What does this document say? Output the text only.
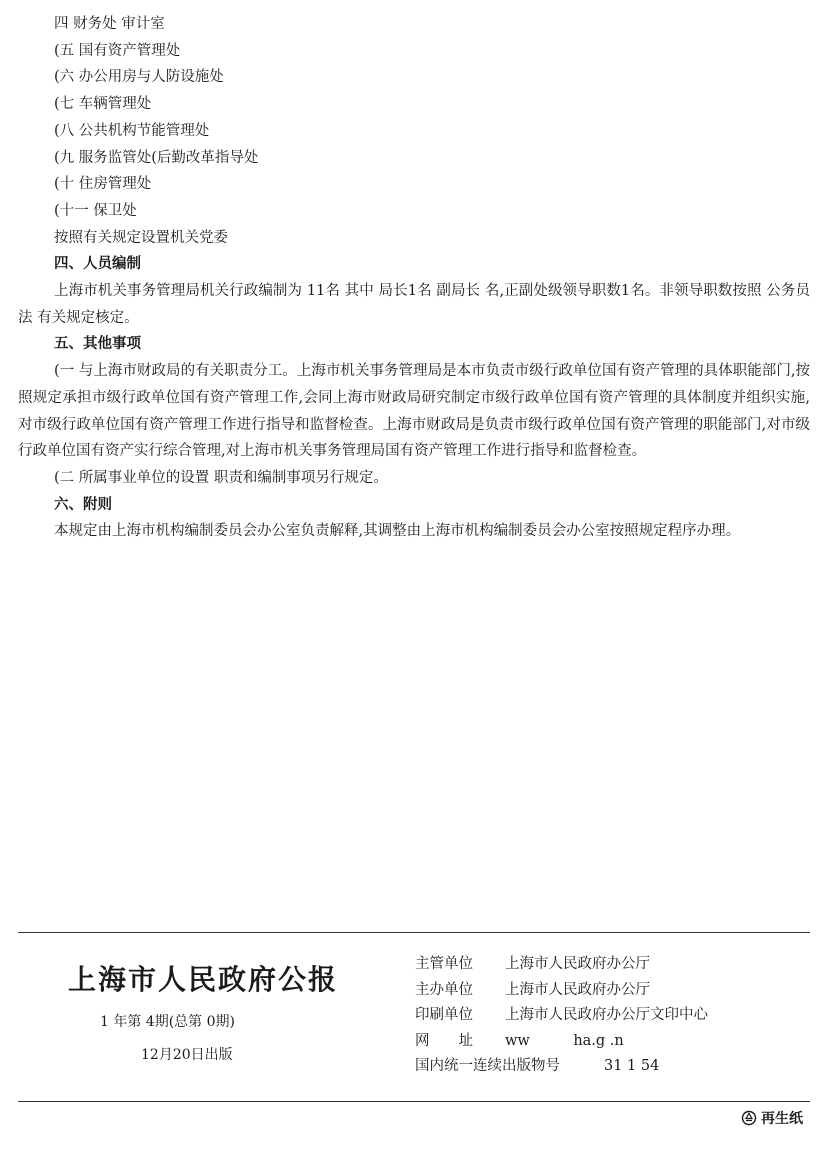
四 财务处 审计室
(五 国有资产管理处
(六 办公用房与人防设施处
(七 车辆管理处
(八 公共机构节能管理处
(九 服务监管处(后勤改革指导处
(十 住房管理处
(十一 保卫处
按照有关规定设置机关党委
四、人员编制
上海市机关事务管理局机关行政编制为 11名 其中 局长1名 副局长 名,正副处级领导职数1名。非领导职数按照 公务员法 有关规定核定。
五、其他事项
(一 与上海市财政局的有关职责分工。上海市机关事务管理局是本市负责市级行政单位国有资产管理的具体职能部门,按照规定承担市级行政单位国有资产管理工作,会同上海市财政局研究制定市级行政单位国有资产管理的具体制度并组织实施,对市级行政单位国有资产管理工作进行指导和监督检查。上海市财政局是负责市级行政单位国有资产管理的职能部门,对市级行政单位国有资产实行综合管理,对上海市机关事务管理局国有资产管理工作进行指导和监督检查。
(二 所属事业单位的设置 职责和编制事项另行规定。
六、附则
本规定由上海市机构编制委员会办公室负责解释,其调整由上海市机构编制委员会办公室按照规定程序办理。
上海市人民政府公报
1 年第 4期(总第 0期)
12月20日出版
主管单位 上海市人民政府办公厅
主办单位 上海市人民政府办公厅
印刷单位 上海市人民政府办公厅文印中心
网　　址 ww　　　ha.g .n
国内统一连续出版物号	31 1 54
再生纸
